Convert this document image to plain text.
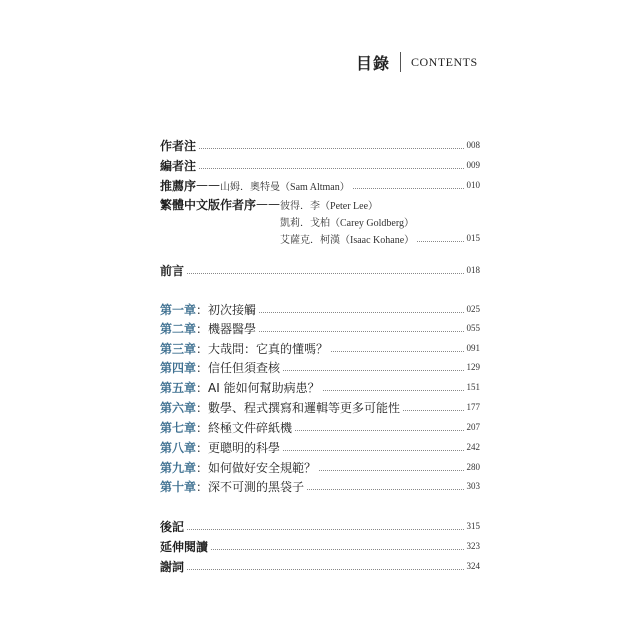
目錄 CONTENTS
作者注	008
編者注	009
推薦序 —— 山姆．奧特曼（Sam Altman）	010
繁體中文版作者序 —— 彼得．李（Peter Lee）
凱莉．戈柏（Carey Goldberg）
艾薩克．柯漢（Isaac Kohane）	015
前言	018
第一章 ： 初次接觸	025
第二章 ： 機器醫學	055
第三章 ： 大哉問：它真的懂嗎？	091
第四章 ： 信任但須查核	129
第五章 ： AI 能如何幫助病患？	151
第六章 ： 數學、程式撰寫和邏輯等更多可能性	177
第七章 ： 終極文件碎紙機	207
第八章 ： 更聰明的科學	242
第九章 ： 如何做好安全規範？	280
第十章 ： 深不可測的黑袋子	303
後記	315
延伸閱讀	323
謝詞	324
